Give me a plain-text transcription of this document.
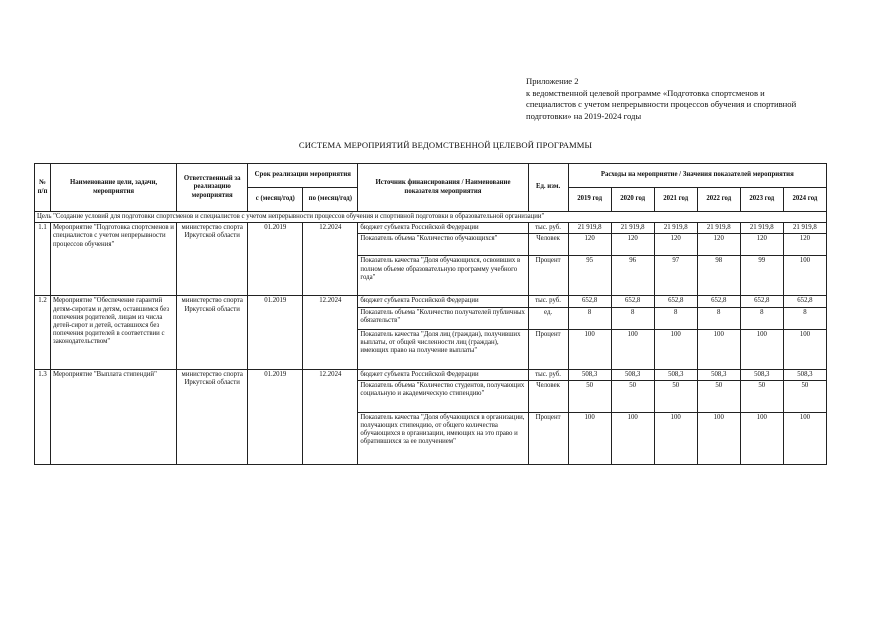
Приложение 2
к ведомственной целевой программе «Подготовка спортсменов и
специалистов с учетом непрерывности процессов обучения и спортивной
подготовки» на 2019-2024 годы
СИСТЕМА МЕРОПРИЯТИЙ ВЕДОМСТВЕННОЙ ЦЕЛЕВОЙ ПРОГРАММЫ
№ п/п	Наименование цели, задачи, мероприятия	Ответственный за реализацию мероприятия	Срок реализации мероприятия		Источник финансирования / Наименование показателя мероприятия	Ед. изм.	Расходы на мероприятие / Значения показателей мероприятия					
			с (месяц/год)	по (месяц/год)			2019 год	2020 год	2021 год	2022 год	2023 год	2024 год
Цель "Создание условий для подготовки спортсменов и специалистов с учетом непрерывности процессов обучения и спортивной подготовки в образовательной организации"												
1.1	Мероприятие "Подготовка спортсменов и специалистов с учетом непрерывности процессов обучения"	министерство спорта Иркутской области	01.2019	12.2024	бюджет субъекта Российской Федерации	тыс. руб.	21 919,8	21 919,8	21 919,8	21 919,8	21 919,8	21 919,8
					Показатель объема "Количество обучающихся"	Человек	120	120	120	120	120	120
					Показатель качества "Доля обучающихся, освоивших в полном объеме образовательную программу учебного года"	Процент	95	96	97	98	99	100
1.2	Мероприятие "Обеспечение гарантий детям-сиротам и детям, оставшимся без попечения родителей, лицам из числа детей-сирот и детей, оставшихся без попечения родителей в соответствии с законодательством"	министерство спорта Иркутской области	01.2019	12.2024	бюджет субъекта Российской Федерации	тыс. руб.	652,8	652,8	652,8	652,8	652,8	652,8
					Показатель объема "Количество получателей публичных обязательств"	ед.	8	8	8	8	8	8
					Показатель качества "Доля лиц (граждан), получивших выплаты, от общей численности лиц (граждан), имеющих право на получение выплаты"	Процент	100	100	100	100	100	100
1.3	Мероприятие "Выплата стипендий"	министерство спорта Иркутской области	01.2019	12.2024	бюджет субъекта Российской Федерации	тыс. руб.	508,3	508,3	508,3	508,3	508,3	508,3
					Показатель объема "Количество студентов, получающих социальную и академическую стипендию"	Человек	50	50	50	50	50	50
					Показатель качества "Доля обучающихся в организации, получающих стипендию, от общего количества обучающихся в организации, имеющих на это право и обратившихся за ее получением"	Процент	100	100	100	100	100	100
